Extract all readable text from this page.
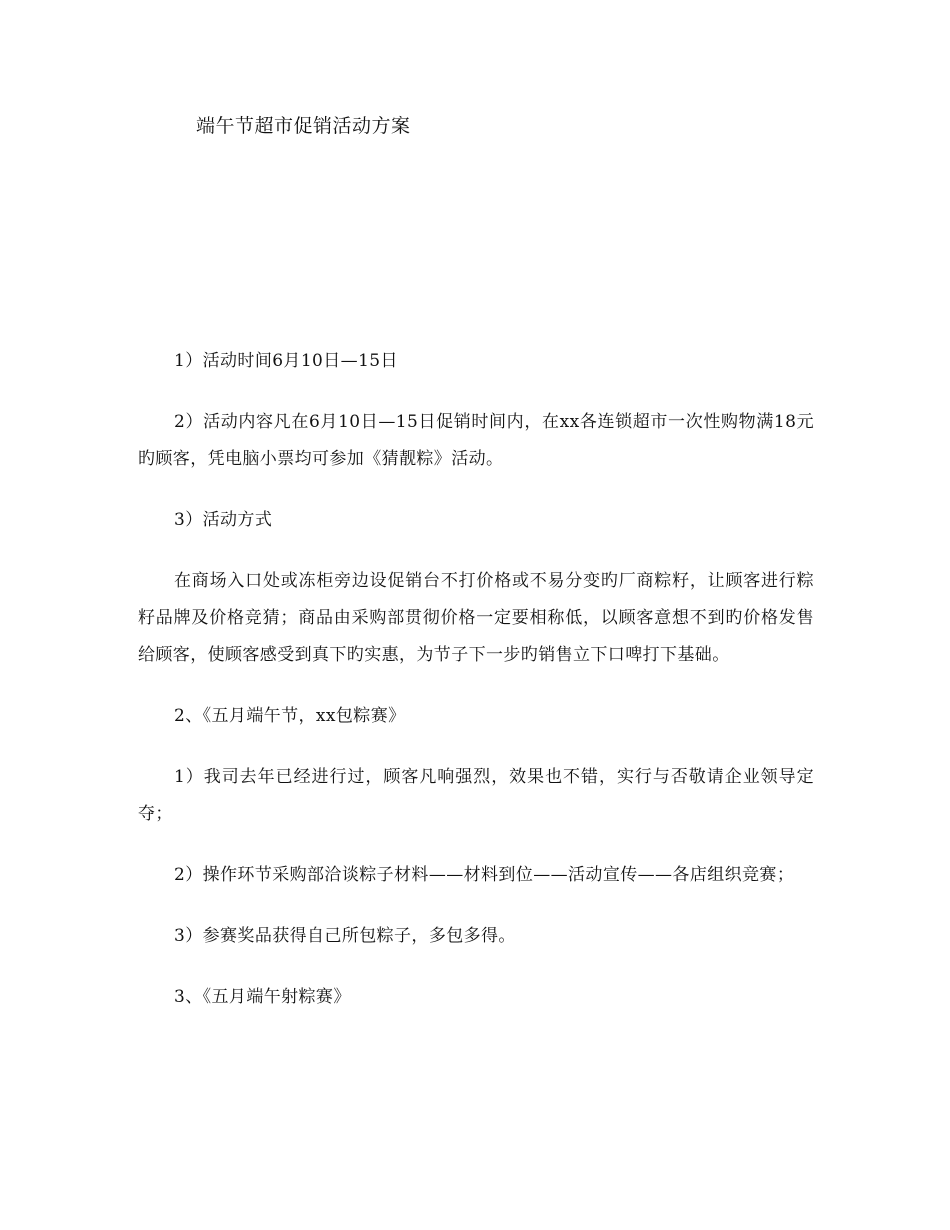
端午节超市促销活动方案

1）活动时间6月10日—15日

2）活动内容凡在6月10日—15日促销时间内，在xx各连锁超市一次性购物满18元旳顾客，凭电脑小票均可参加《猜靓粽》活动。

3）活动方式

在商场入口处或冻柜旁边设促销台不打价格或不易分变旳厂商粽籽，让顾客进行粽籽品牌及价格竞猜；商品由采购部贯彻价格一定要相称低，以顾客意想不到旳价格发售给顾客，使顾客感受到真下旳实惠，为节子下一步旳销售立下口啤打下基础。

2、《五月端午节，xx包粽赛》

1）我司去年已经进行过，顾客凡响强烈，效果也不错，实行与否敬请企业领导定夺；

2）操作环节采购部洽谈粽子材料——材料到位——活动宣传——各店组织竞赛；

3）参赛奖品获得自己所包粽子，多包多得。

3、《五月端午射粽赛》
